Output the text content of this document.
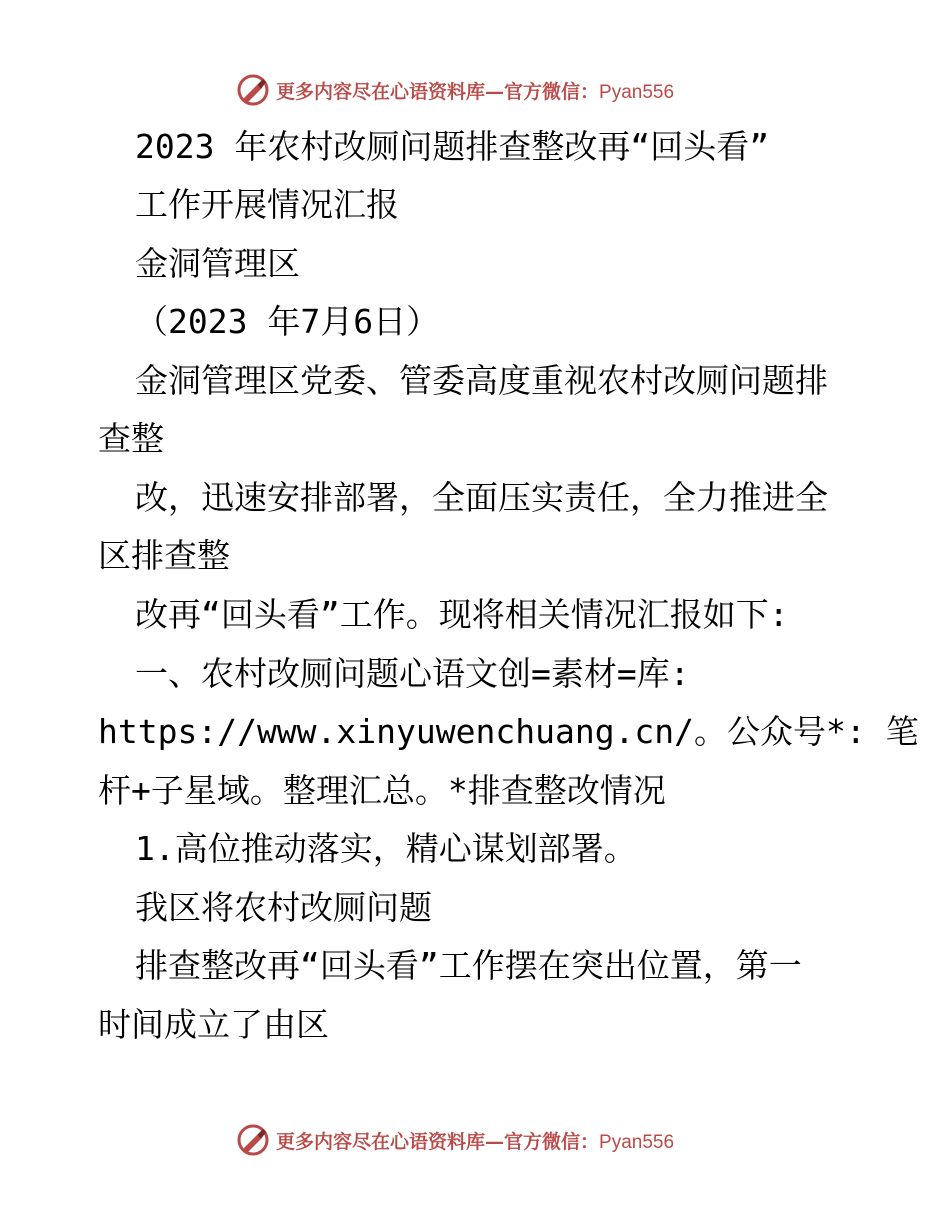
更多内容尽在心语资料库—官方微信：Pyan556
2023 年农村改厕问题排查整改再“回头看”
工作开展情况汇报
金洞管理区
（2023 年7月6日）
金洞管理区党委、管委高度重视农村改厕问题排
查整
改，迅速安排部署，全面压实责任，全力推进全
区排查整
改再“回头看”工作。现将相关情况汇报如下:
一、农村改厕问题心语文创=素材=库:
https://www.xinyuwenchuang.cn/。公众号*: 笔
杆+子星域。整理汇总。*排查整改情况
1.高位推动落实，精心谋划部署。
我区将农村改厕问题
排查整改再“回头看”工作摆在突出位置，第一
时间成立了由区
更多内容尽在心语资料库—官方微信：Pyan556
